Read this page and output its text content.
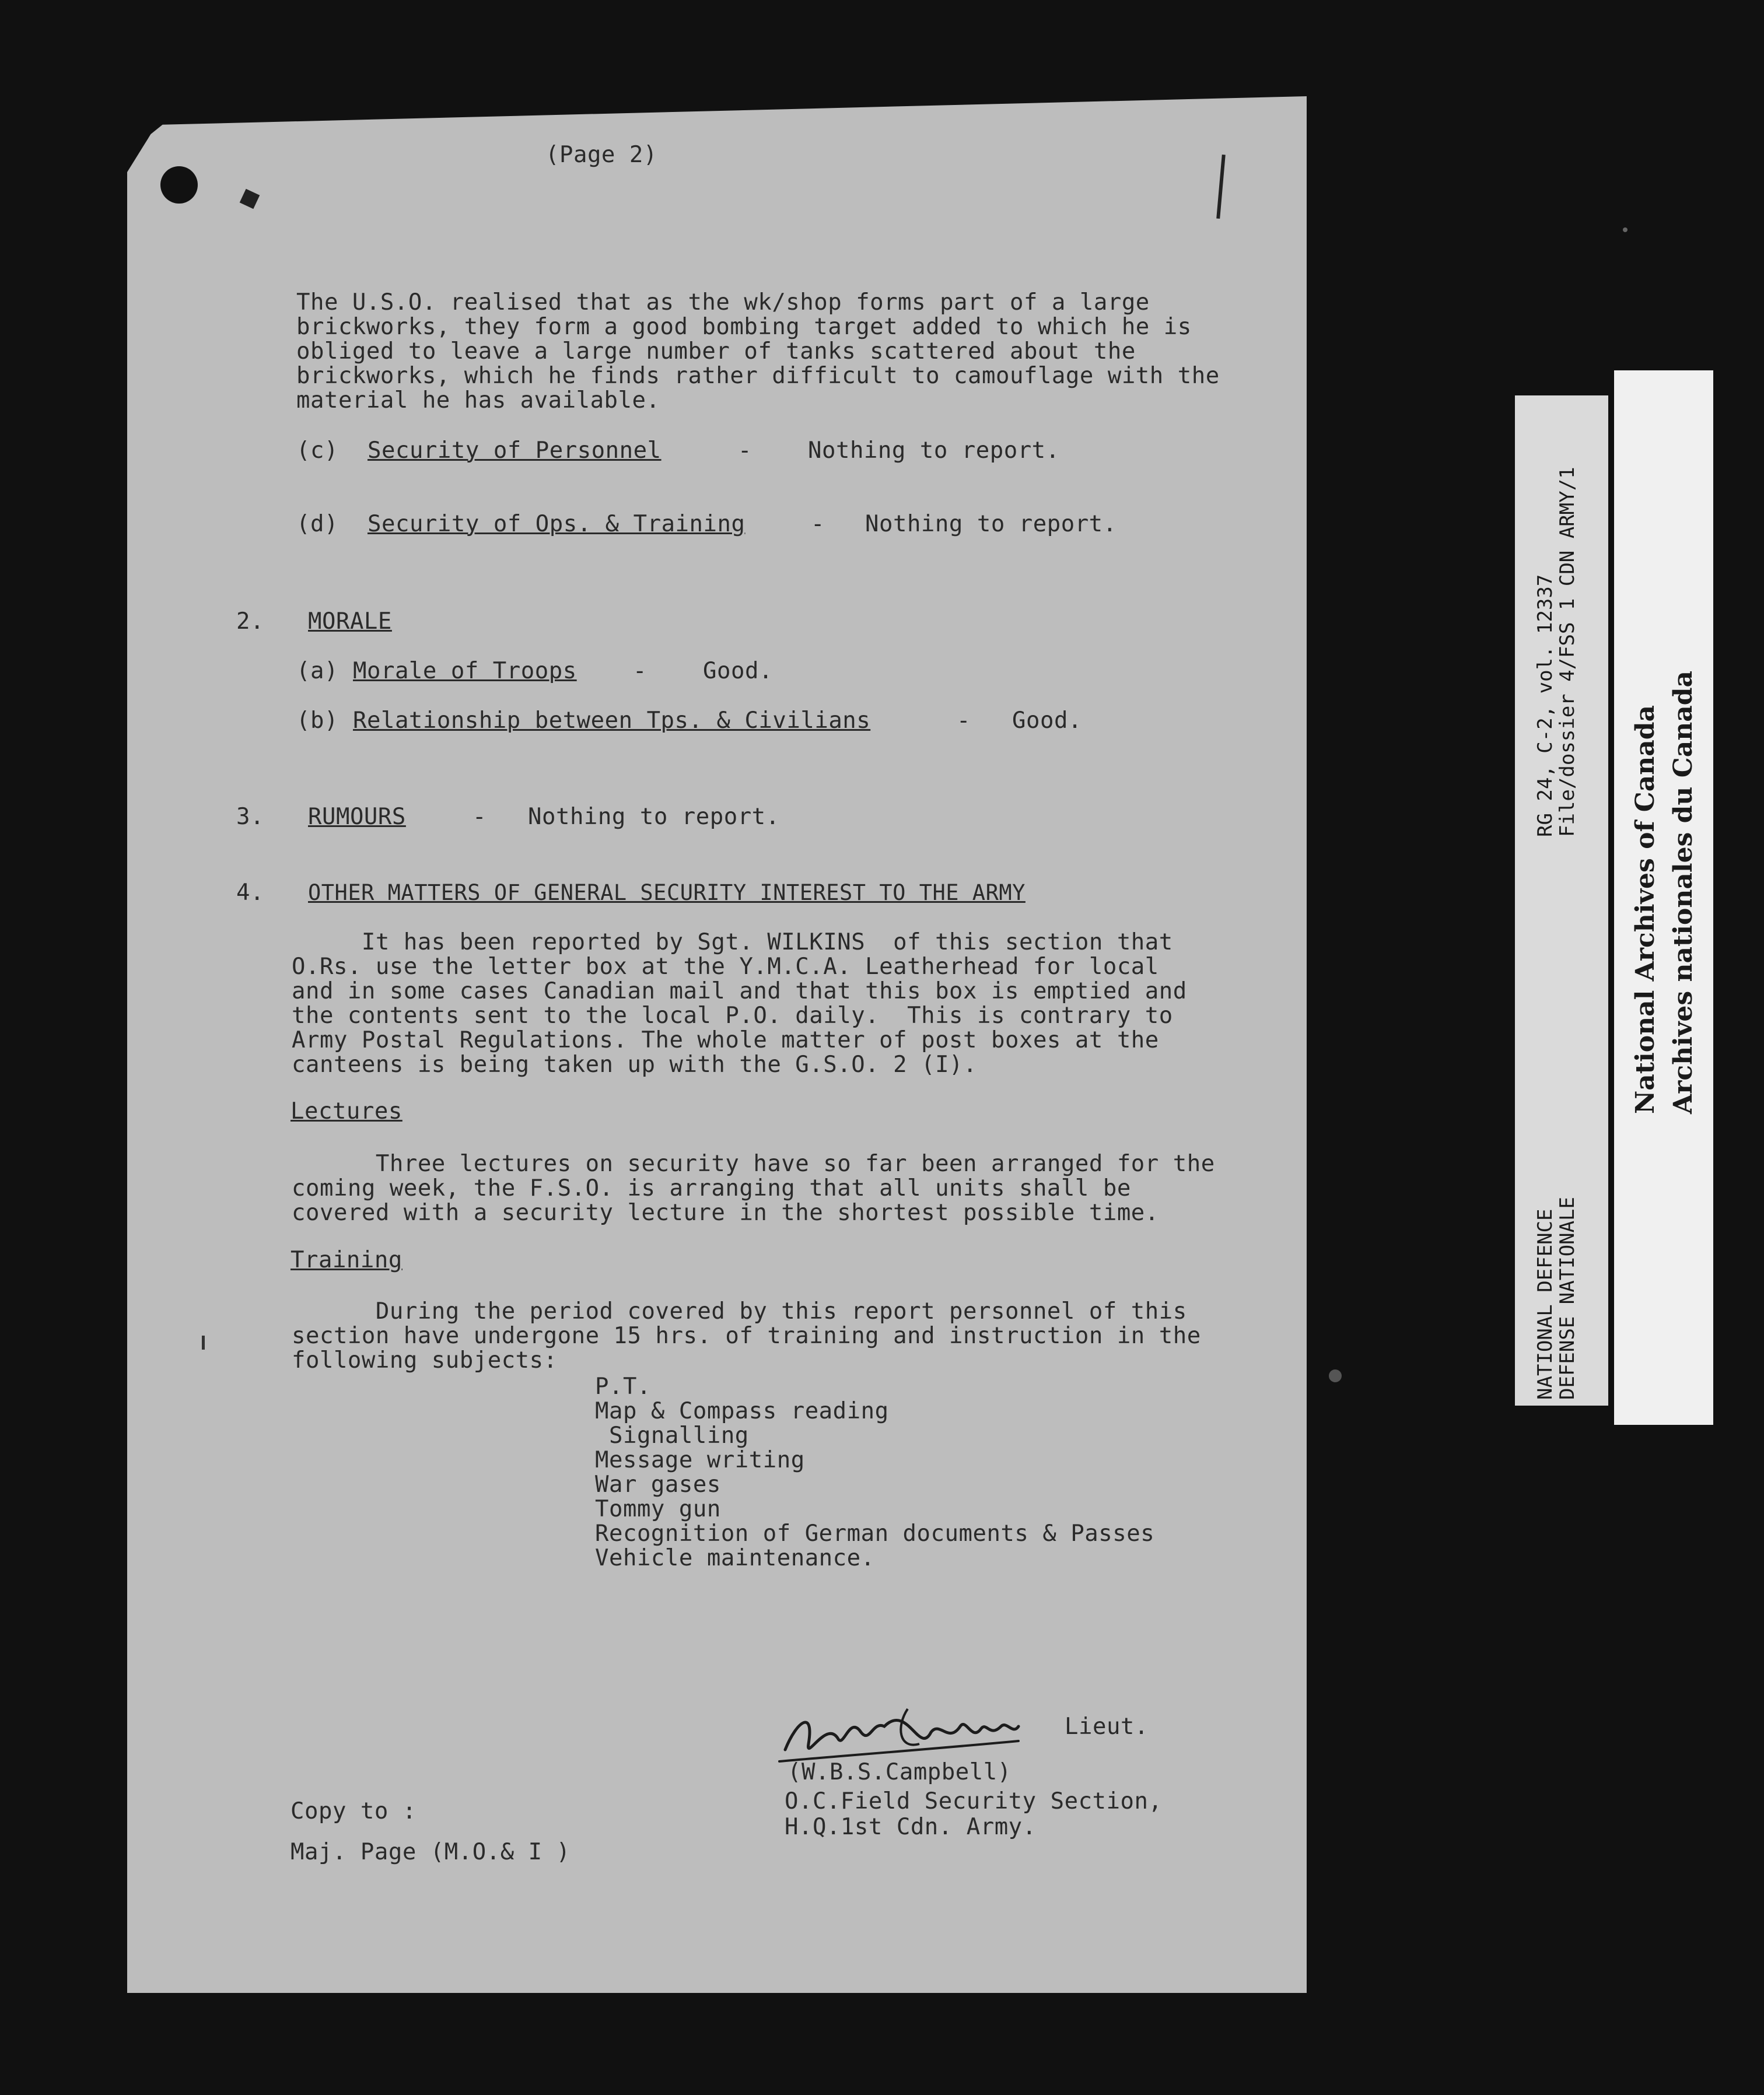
(Page 2)
The U.S.O. realised that as the wk/shop forms part of a large
brickworks, they form a good bombing target added to which he is
obliged to leave a large number of tanks scattered about the
brickworks, which he finds rather difficult to camouflage with the
material he has available.
(c) Security of Personnel	- Nothing to report.
(d) Security of Ops. & Training	- Nothing to report.
2. MORALE
(a) Morale of Troops - Good.
(b) Relationship between Tps. & Civilians	- Good.
3. RUMOURS	- Nothing to report.
4. OTHER MATTERS OF GENERAL SECURITY INTEREST TO THE ARMY
It has been reported by Sgt. WILKINS  of this section that
O.Rs. use the letter box at the Y.M.C.A. Leatherhead for local
and in some cases Canadian mail and that this box is emptied and
the contents sent to the local P.O. daily.  This is contrary to
Army Postal Regulations. The whole matter of post boxes at the
canteens is being taken up with the G.S.O. 2 (I).
Lectures
Three lectures on security have so far been arranged for the
coming week, the F.S.O. is arranging that all units shall be
covered with a security lecture in the shortest possible time.
Training
During the period covered by this report personnel of this
section have undergone 15 hrs. of training and instruction in the
following subjects:
P.T.
Map & Compass reading
Signalling
Message writing
War gases
Tommy gun
Recognition of German documents & Passes
Vehicle maintenance.
Lieut.
(W.B.S.Campbell)
O.C.Field Security Section,
H.Q.1st Cdn. Army.
Copy to :
Maj. Page (M.O.& I )
RG 24, C-2, vol. 12337
File/dossier 4/FSS 1 CDN ARMY/1
NATIONAL DEFENCE
DEFENSE NATIONALE
National Archives of Canada Archives nationales du Canada
